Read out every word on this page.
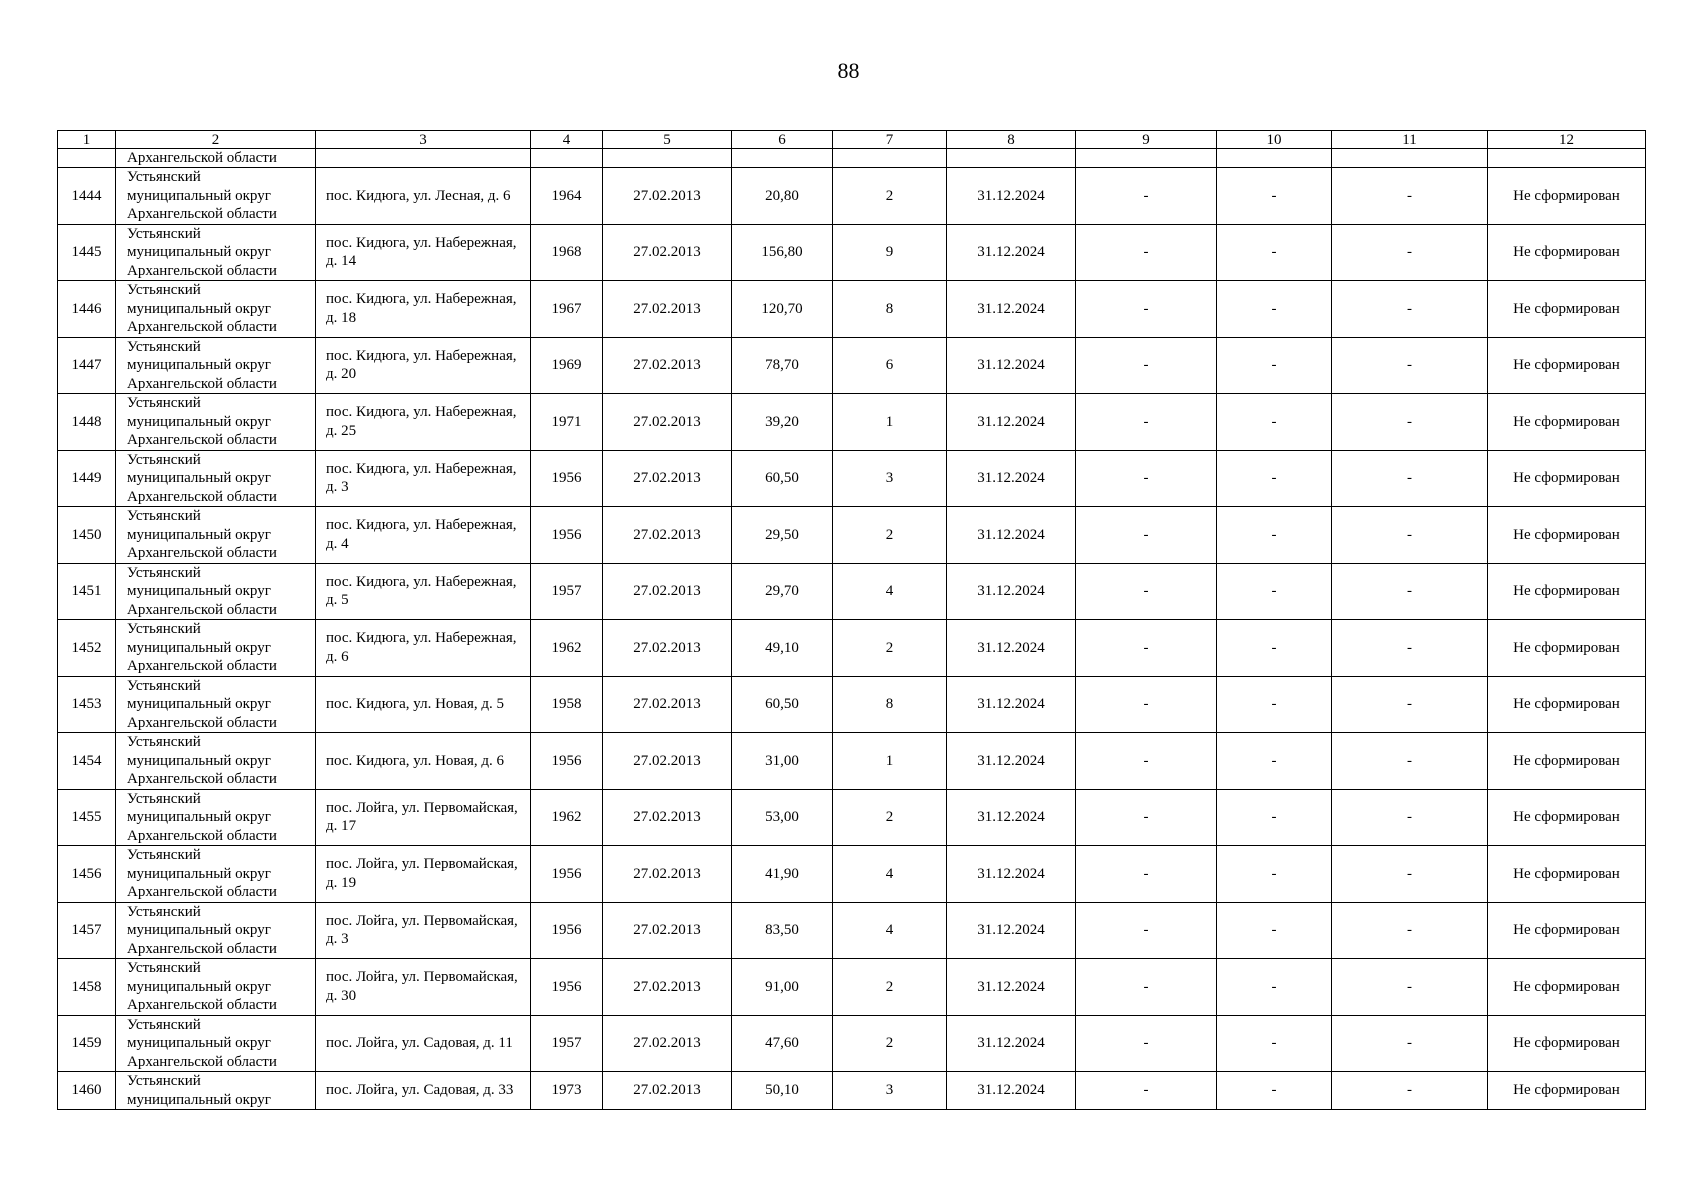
88
1	2	3	4	5	6	7	8	9	10	11	12

	Архангельской области										

1444	Устьянский
муниципальный округ
Архангельской области	пос. Кидюга, ул. Лесная, д. 6	1964	27.02.2013	20,80	2	31.12.2024	-	-	-	Не сформирован
1445	Устьянский
муниципальный округ
Архангельской области	пос. Кидюга, ул. Набережная, д. 14	1968	27.02.2013	156,80	9	31.12.2024	-	-	-	Не сформирован
1446	Устьянский
муниципальный округ
Архангельской области	пос. Кидюга, ул. Набережная, д. 18	1967	27.02.2013	120,70	8	31.12.2024	-	-	-	Не сформирован
1447	Устьянский
муниципальный округ
Архангельской области	пос. Кидюга, ул. Набережная, д. 20	1969	27.02.2013	78,70	6	31.12.2024	-	-	-	Не сформирован
1448	Устьянский
муниципальный округ
Архангельской области	пос. Кидюга, ул. Набережная, д. 25	1971	27.02.2013	39,20	1	31.12.2024	-	-	-	Не сформирован
1449	Устьянский
муниципальный округ
Архангельской области	пос. Кидюга, ул. Набережная, д. 3	1956	27.02.2013	60,50	3	31.12.2024	-	-	-	Не сформирован
1450	Устьянский
муниципальный округ
Архангельской области	пос. Кидюга, ул. Набережная, д. 4	1956	27.02.2013	29,50	2	31.12.2024	-	-	-	Не сформирован
1451	Устьянский
муниципальный округ
Архангельской области	пос. Кидюга, ул. Набережная, д. 5	1957	27.02.2013	29,70	4	31.12.2024	-	-	-	Не сформирован
1452	Устьянский
муниципальный округ
Архангельской области	пос. Кидюга, ул. Набережная, д. 6	1962	27.02.2013	49,10	2	31.12.2024	-	-	-	Не сформирован
1453	Устьянский
муниципальный округ
Архангельской области	пос. Кидюга, ул. Новая, д. 5	1958	27.02.2013	60,50	8	31.12.2024	-	-	-	Не сформирован
1454	Устьянский
муниципальный округ
Архангельской области	пос. Кидюга, ул. Новая, д. 6	1956	27.02.2013	31,00	1	31.12.2024	-	-	-	Не сформирован
1455	Устьянский
муниципальный округ
Архангельской области	пос. Лойга, ул. Первомайская, д. 17	1962	27.02.2013	53,00	2	31.12.2024	-	-	-	Не сформирован
1456	Устьянский
муниципальный округ
Архангельской области	пос. Лойга, ул. Первомайская, д. 19	1956	27.02.2013	41,90	4	31.12.2024	-	-	-	Не сформирован
1457	Устьянский
муниципальный округ
Архангельской области	пос. Лойга, ул. Первомайская, д. 3	1956	27.02.2013	83,50	4	31.12.2024	-	-	-	Не сформирован
1458	Устьянский
муниципальный округ
Архангельской области	пос. Лойга, ул. Первомайская, д. 30	1956	27.02.2013	91,00	2	31.12.2024	-	-	-	Не сформирован
1459	Устьянский
муниципальный округ
Архангельской области	пос. Лойга, ул. Садовая, д. 11	1957	27.02.2013	47,60	2	31.12.2024	-	-	-	Не сформирован
1460	Устьянский
муниципальный округ	пос. Лойга, ул. Садовая, д. 33	1973	27.02.2013	50,10	3	31.12.2024	-	-	-	Не сформирован
